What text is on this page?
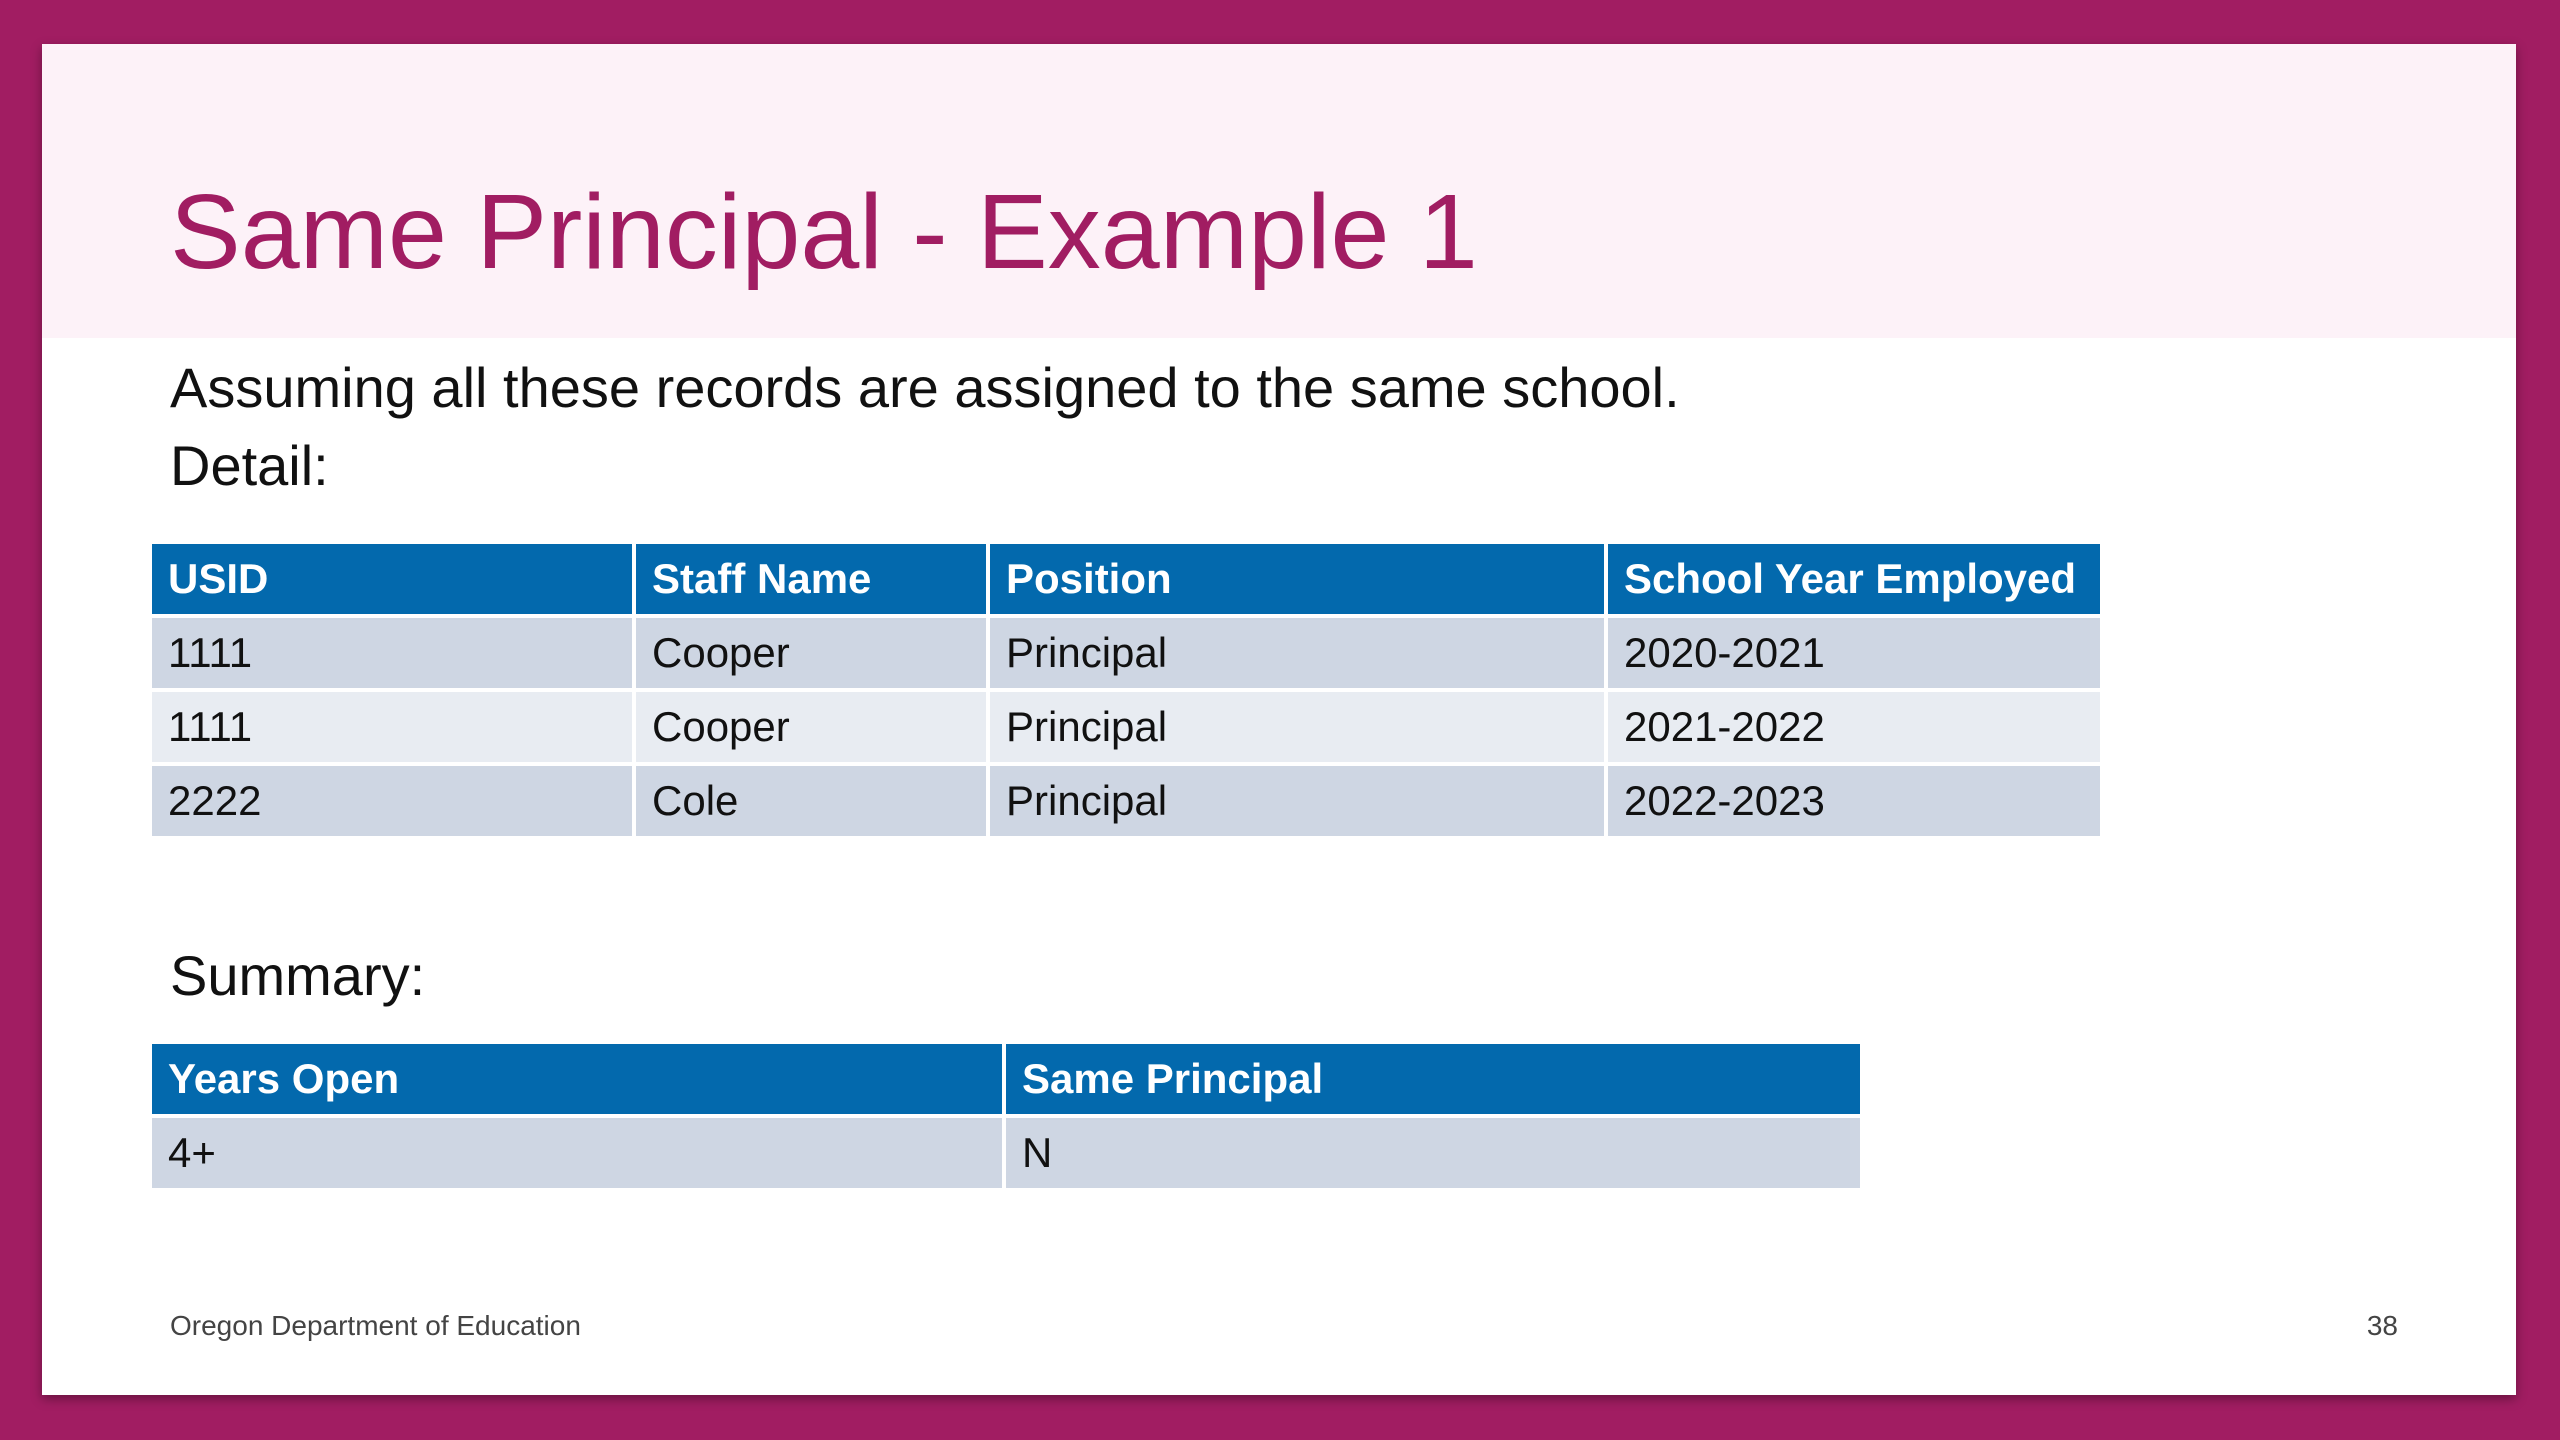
Same Principal - Example 1
Assuming all these records are assigned to the same school.
Detail:
USID	Staff Name	Position	School Year Employed
1111	Cooper	Principal	2020-2021
1111	Cooper	Principal	2021-2022
2222	Cole	Principal	2022-2023
Summary:
Years Open	Same Principal
4+	N
Oregon Department of Education	38
